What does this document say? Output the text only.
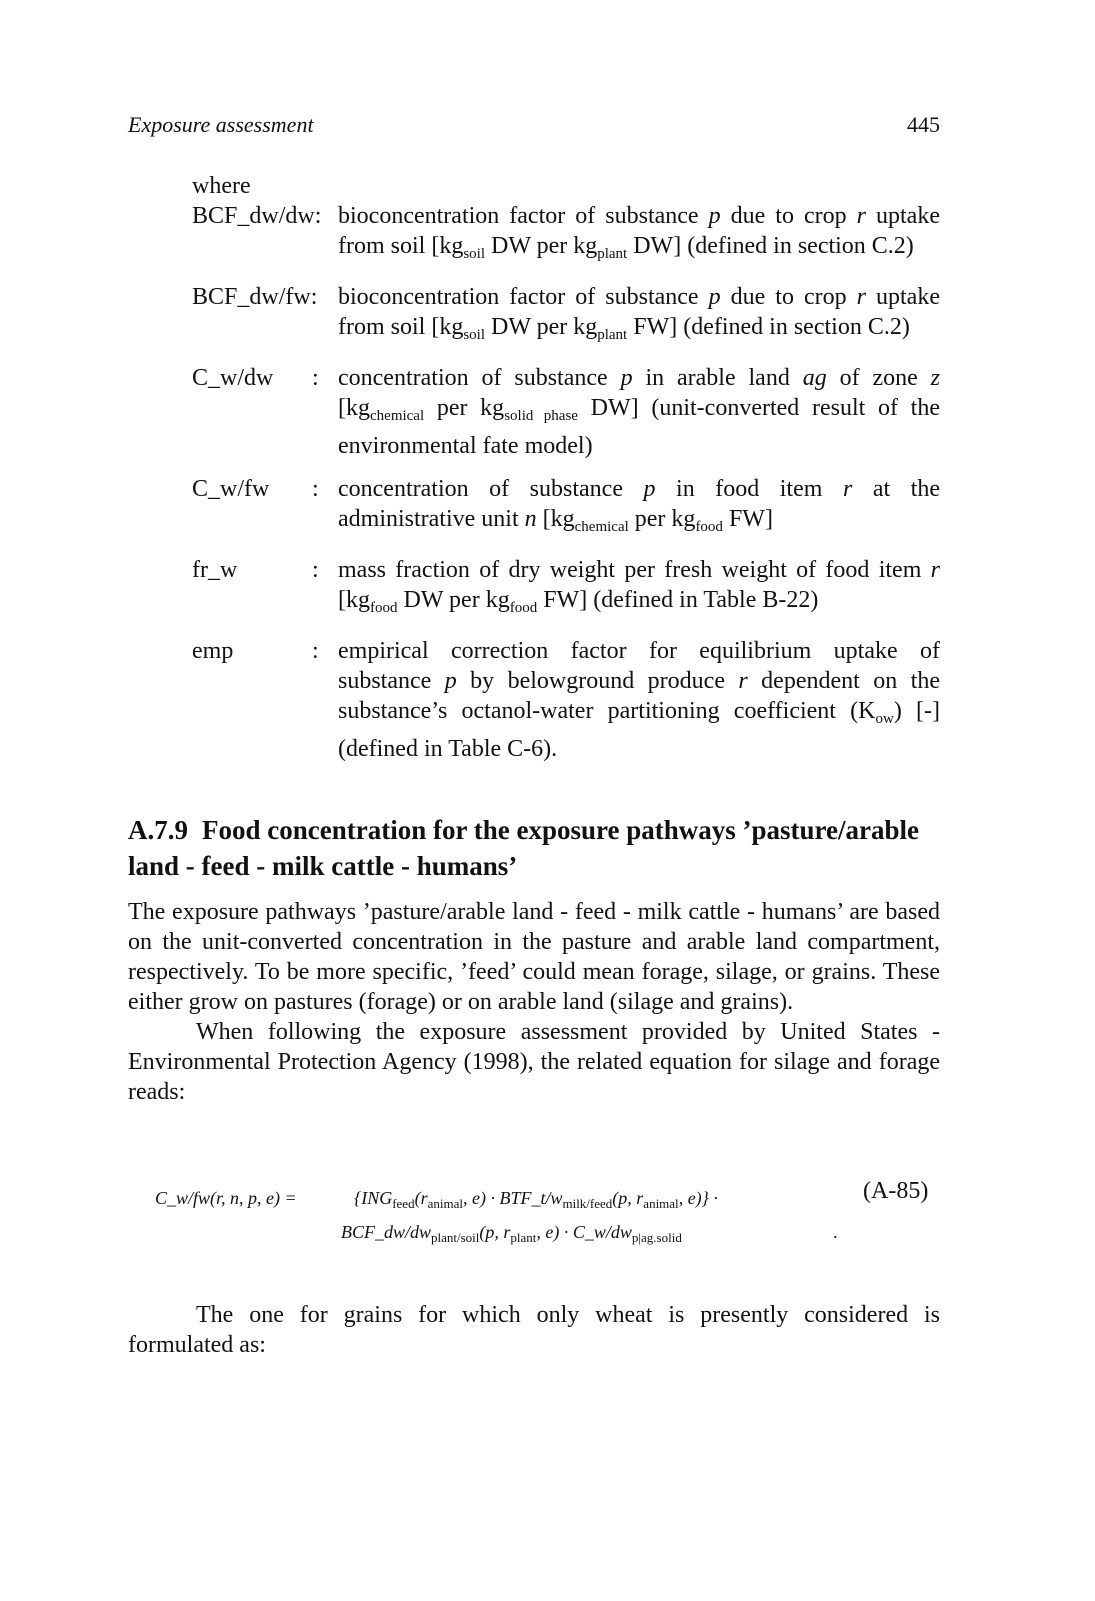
Exposure assessment	445
where
BCF_dw/dw: bioconcentration factor of substance p due to crop r uptake from soil [$kg_{soil}$ DW per $kg_{plant}$ DW] (defined in section C.2)
BCF_dw/fw: bioconcentration factor of substance p due to crop r uptake from soil [$kg_{soil}$ DW per $kg_{plant}$ FW] (defined in section C.2)
C_w/dw	: concentration of substance p in arable land ag of zone z [$kg_{chemical}$ per $kg_{solid phase}$ DW] (unit-converted result of the environmental fate model)
C_w/fw	: concentration of substance p in food item r at the administrative unit n [$kg_{chemical}$ per $kg_{food}$ FW]
fr_w	: mass fraction of dry weight per fresh weight of food item r [$kg_{food}$ DW per $kg_{food}$ FW] (defined in Table B-22)
emp	: empirical correction factor for equilibrium uptake of substance p by belowground produce r dependent on the substance’s octanol-water partitioning coefficient $(K_{ow})$ [-] (defined in Table C-6).
A.7.9 Food concentration for the exposure pathways ’pasture/arable land - feed - milk cattle - humans’

The exposure pathways ’pasture/arable land - feed - milk cattle - humans’ are based on the unit-converted concentration in the pasture and arable land compartment, respectively. To be more specific, ’feed’ could mean forage, silage, or grains. These either grow on pastures (forage) or on arable land (silage and grains).

When following the exposure assessment provided by United States - Environmental Protection Agency (1998), the related equation for silage and forage reads:

C_w/fw(r, n, p, e) =	{$ING_{feed}(r_{animal}$, $e) \cdot BTF\_t/w_{milk/feed}(p$, $r_{animal}$, e)} ·
$BCF\_dw/dw_{plant/soil}(p$, $r_{plant}$, $e) \cdot C\_w/dw_{p|ag.solid}$	.
(A-85)

The one for grains for which only wheat is presently considered is formulated as:
